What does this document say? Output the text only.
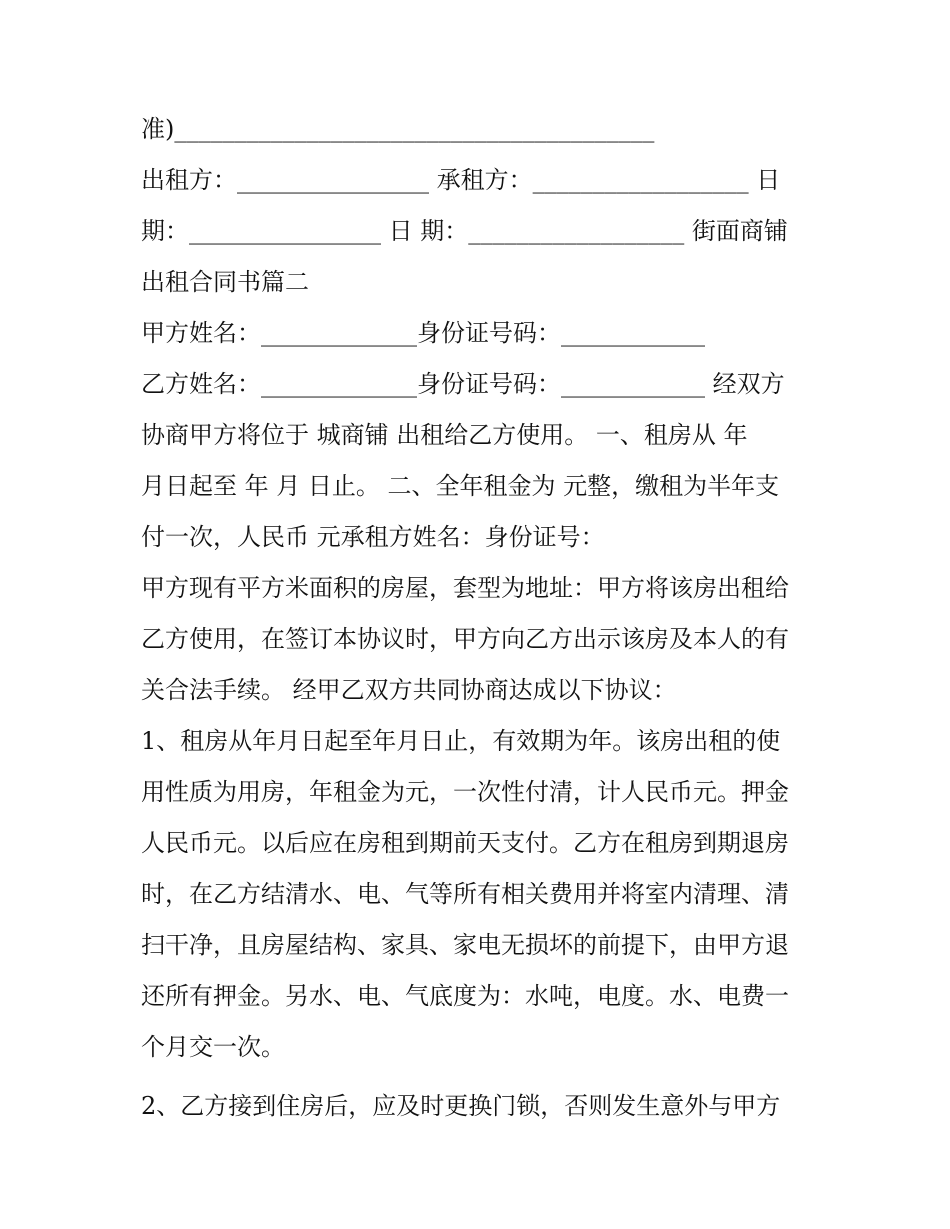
准)________________________________________
出租方：________________ 承租方：__________________ 日
期：________________ 日 期：__________________ 街面商铺
出租合同书篇二
甲方姓名：_____________身份证号码：____________
乙方姓名：_____________身份证号码：____________ 经双方
协商甲方将位于 城商铺 出租给乙方使用。 一、租房从 年
月日起至 年 月 日止。 二、全年租金为 元整，缴租为半年支
付一次，人民币 元承租方姓名：身份证号：
甲方现有平方米面积的房屋，套型为地址：甲方将该房出租给
乙方使用，在签订本协议时，甲方向乙方出示该房及本人的有
关合法手续。 经甲乙双方共同协商达成以下协议：
1、租房从年月日起至年月日止，有效期为年。该房出租的使
用性质为用房，年租金为元，一次性付清，计人民币元。押金
人民币元。以后应在房租到期前天支付。乙方在租房到期退房
时，在乙方结清水、电、气等所有相关费用并将室内清理、清
扫干净，且房屋结构、家具、家电无损坏的前提下，由甲方退
还所有押金。另水、电、气底度为：水吨，电度。水、电费一
个月交一次。
2、乙方接到住房后，应及时更换门锁，否则发生意外与甲方
